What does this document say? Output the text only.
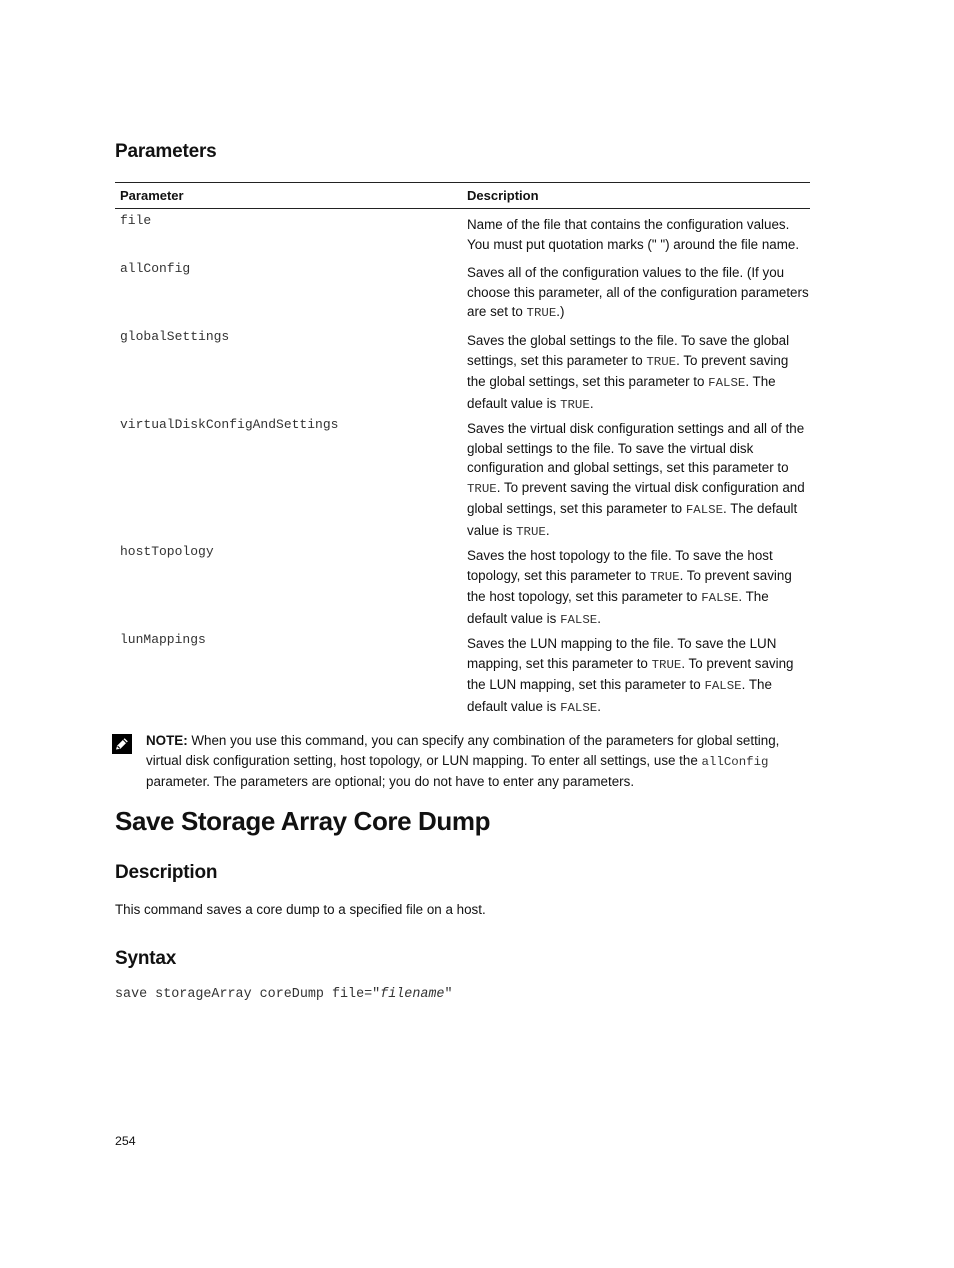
Parameters
Parameter	Description
file	Name of the file that contains the configuration values. You must put quotation marks (" ") around the file name.
allConfig	Saves all of the configuration values to the file. (If you choose this parameter, all of the configuration parameters are set to TRUE.)
globalSettings	Saves the global settings to the file. To save the global settings, set this parameter to TRUE. To prevent saving the global settings, set this parameter to FALSE. The default value is TRUE.
virtualDiskConfigAndSettings	Saves the virtual disk configuration settings and all of the global settings to the file. To save the virtual disk configuration and global settings, set this parameter to TRUE. To prevent saving the virtual disk configuration and global settings, set this parameter to FALSE. The default value is TRUE.
hostTopology	Saves the host topology to the file. To save the host topology, set this parameter to TRUE. To prevent saving the host topology, set this parameter to FALSE. The default value is FALSE.
lunMappings	Saves the LUN mapping to the file. To save the LUN mapping, set this parameter to TRUE. To prevent saving the LUN mapping, set this parameter to FALSE. The default value is FALSE.
NOTE: When you use this command, you can specify any combination of the parameters for global setting, virtual disk configuration setting, host topology, or LUN mapping. To enter all settings, use the allConfig parameter. The parameters are optional; you do not have to enter any parameters.
Save Storage Array Core Dump
Description
This command saves a core dump to a specified file on a host.
Syntax
save storageArray coreDump file="filename"
254
